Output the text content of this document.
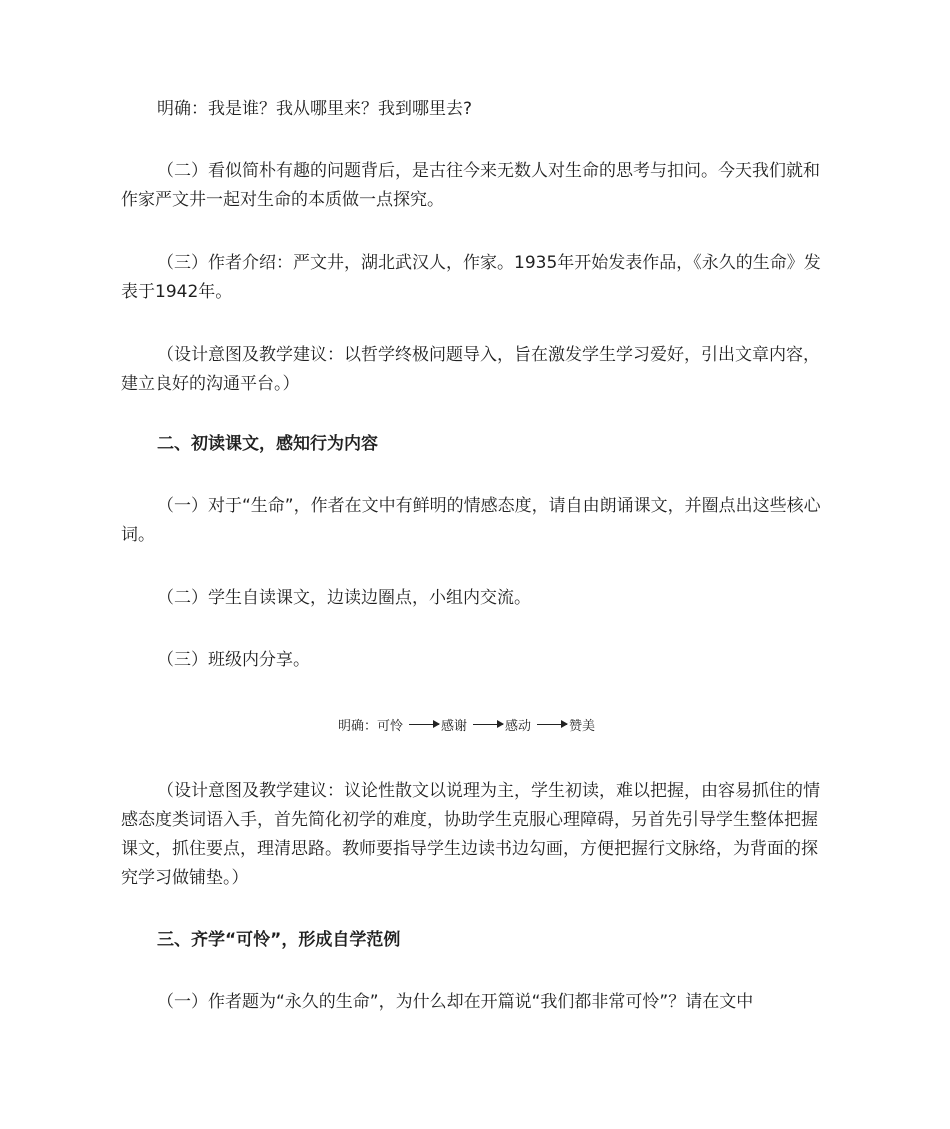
明确：我是谁？我从哪里来？我到哪里去?

（二）看似简朴有趣的问题背后，是古往今来无数人对生命的思考与扣问。今天我们就和作家严文井一起对生命的本质做一点探究。

（三）作者介绍：严文井，湖北武汉人，作家。1935年开始发表作品，《永久的生命》发表于1942年。

（设计意图及教学建议：以哲学终极问题导入，旨在激发学生学习爱好，引出文章内容，建立良好的沟通平台。）

二、初读课文，感知行为内容

（一）对于“生命”，作者在文中有鲜明的情感态度，请自由朗诵课文，并圈点出这些核心词。

（二）学生自读课文，边读边圈点，小组内交流。

（三）班级内分享。

明确：可怜	感谢	感动	赞美

（设计意图及教学建议：议论性散文以说理为主，学生初读，难以把握，由容易抓住的情感态度类词语入手，首先简化初学的难度，协助学生克服心理障碍，另首先引导学生整体把握课文，抓住要点，理清思路。教师要指导学生边读书边勾画，方便把握行文脉络，为背面的探究学习做铺垫。）

三、齐学“可怜”，形成自学范例

（一）作者题为“永久的生命”，为什么却在开篇说“我们都非常可怜”？请在文中
